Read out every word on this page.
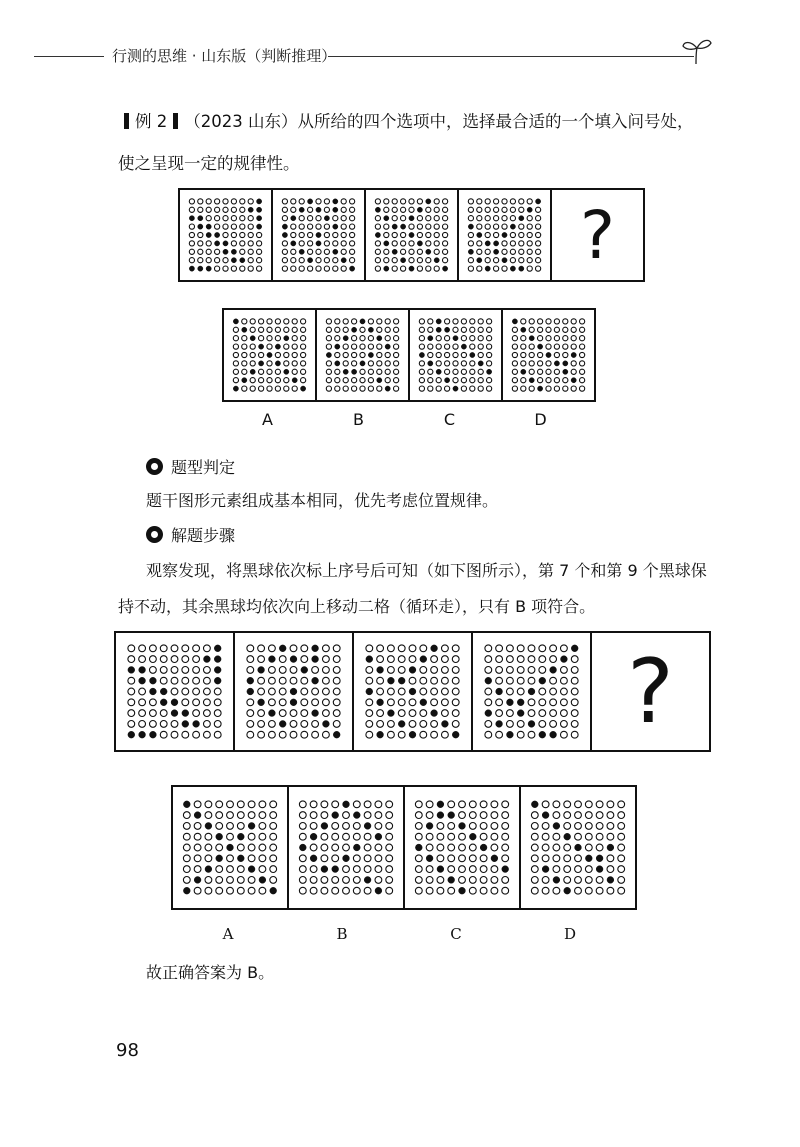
行测的思维 · 山东版（判断推理）
例 2 （2023 山东）从所给的四个选项中，选择最合适的一个填入问号处，
使之呈现一定的规律性。
?
A	B	C	D
题型判定
题干图形元素组成基本相同，优先考虑位置规律。
解题步骤
观察发现，将黑球依次标上序号后可知（如下图所示），第 7 个和第 9 个黑球保
持不动，其余黑球均依次向上移动二格（循环走），只有 B 项符合。
?
A	B	C	D
故正确答案为 B。
98
